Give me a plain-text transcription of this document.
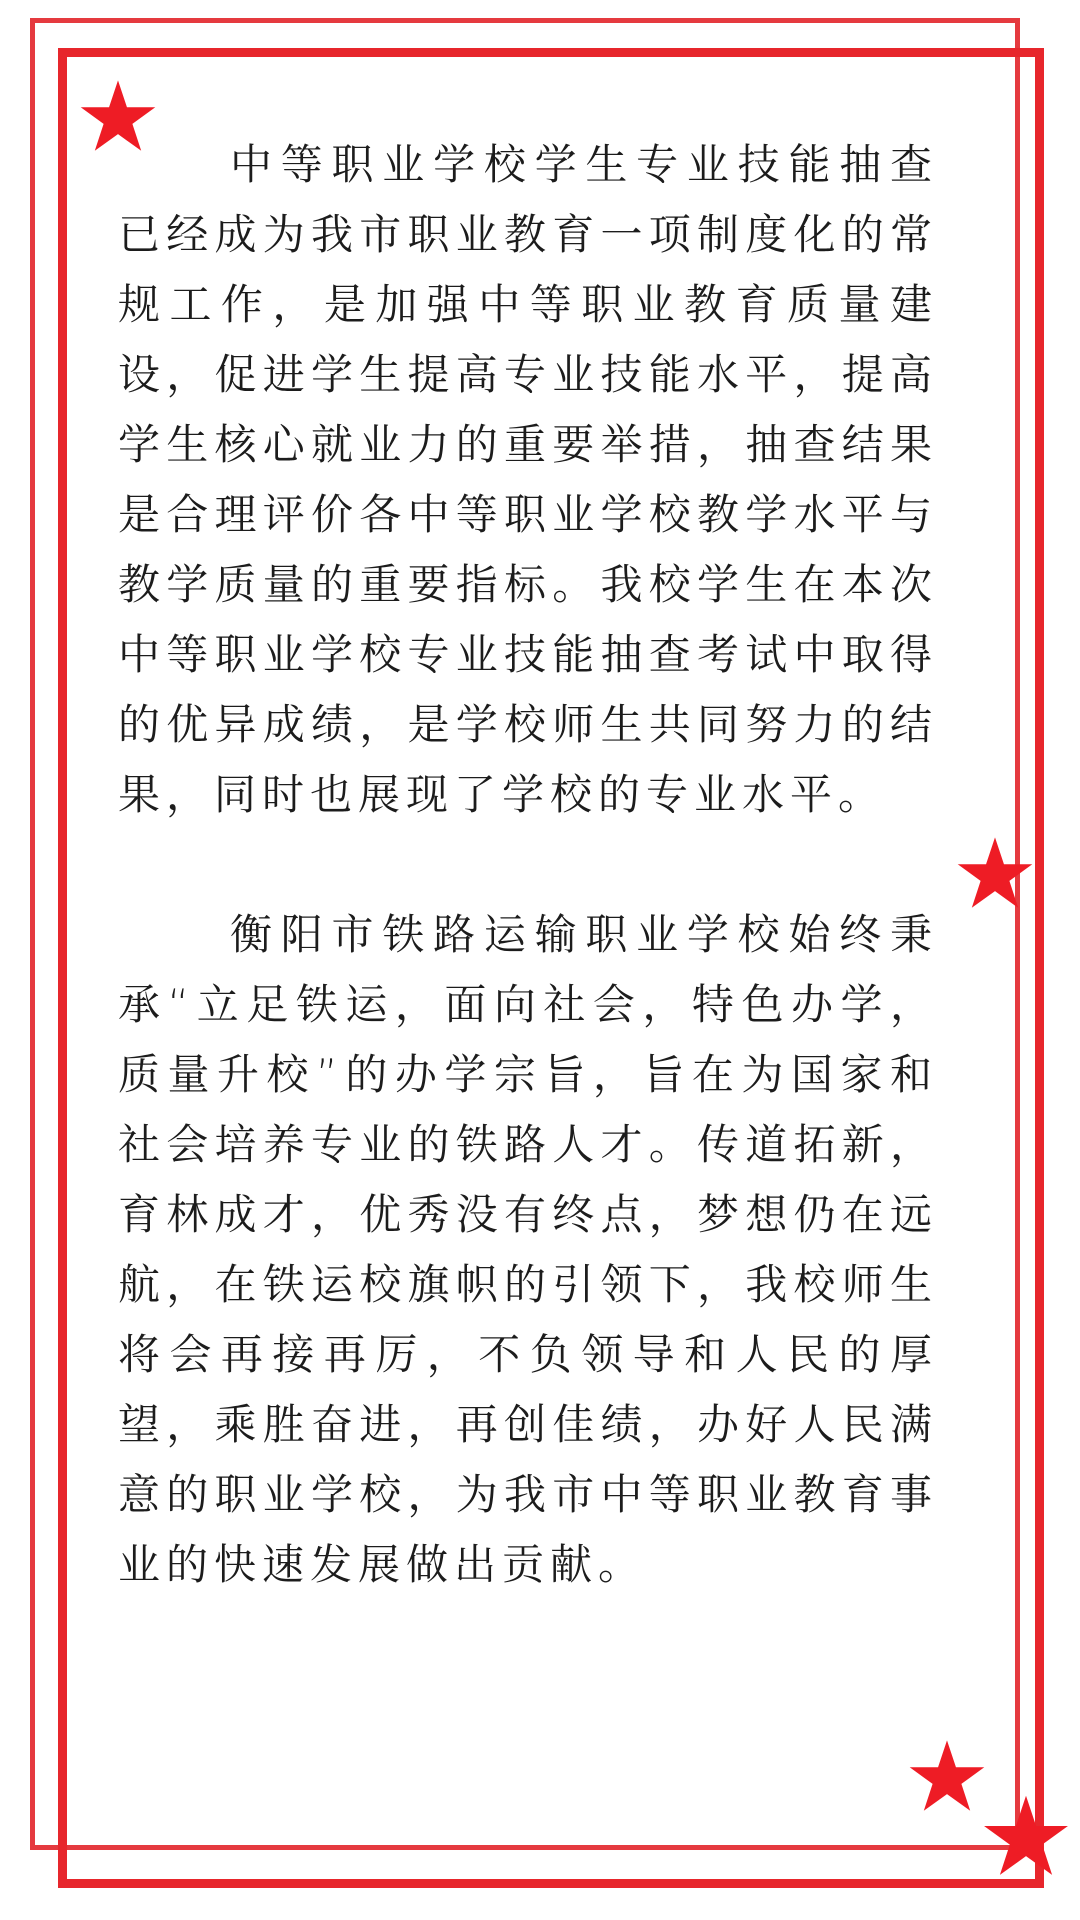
中等职业学校学生专业技能抽查已经成为我市职业教育一项制度化的常规工作，是加强中等职业教育质量建设，促进学生提高专业技能水平，提高学生核心就业力的重要举措，抽查结果是合理评价各中等职业学校教学水平与教学质量的重要指标。我校学生在本次中等职业学校专业技能抽查考试中取得的优异成绩，是学校师生共同努力的结果，同时也展现了学校的专业水平。

衡阳市铁路运输职业学校始终秉承“立足铁运，面向社会，特色办学，质量升校”的办学宗旨，旨在为国家和社会培养专业的铁路人才。传道拓新，育林成才，优秀没有终点，梦想仍在远航，在铁运校旗帜的引领下，我校师生将会再接再厉，不负领导和人民的厚望，乘胜奋进，再创佳绩，办好人民满意的职业学校，为我市中等职业教育事业的快速发展做出贡献。
